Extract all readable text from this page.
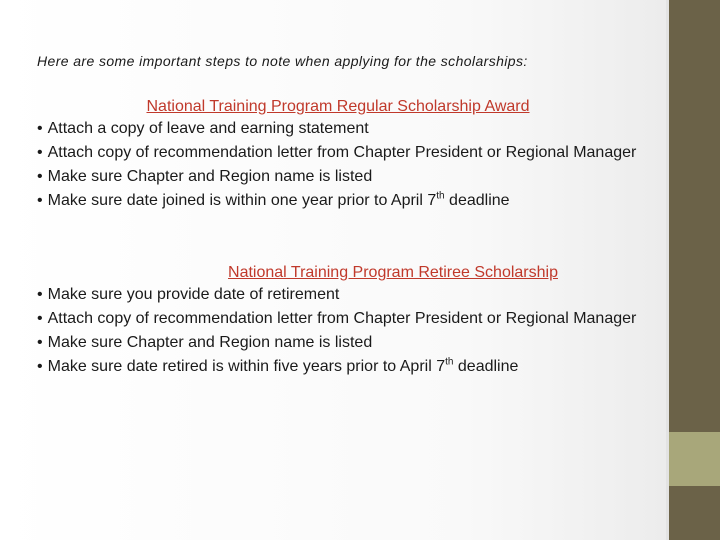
Here are some important steps to note when applying for the scholarships:

National Training Program Regular Scholarship Award
• Attach a copy of leave and earning statement
• Attach copy of recommendation letter from Chapter President or Regional Manager
• Make sure Chapter and Region name is listed
• Make sure date joined is within one year prior to April 7th deadline
National Training Program Retiree Scholarship
• Make sure you provide date of retirement
• Attach copy of recommendation letter from Chapter President or Regional Manager
• Make sure Chapter and Region name is listed
• Make sure date retired is within five years prior to April 7th deadline
